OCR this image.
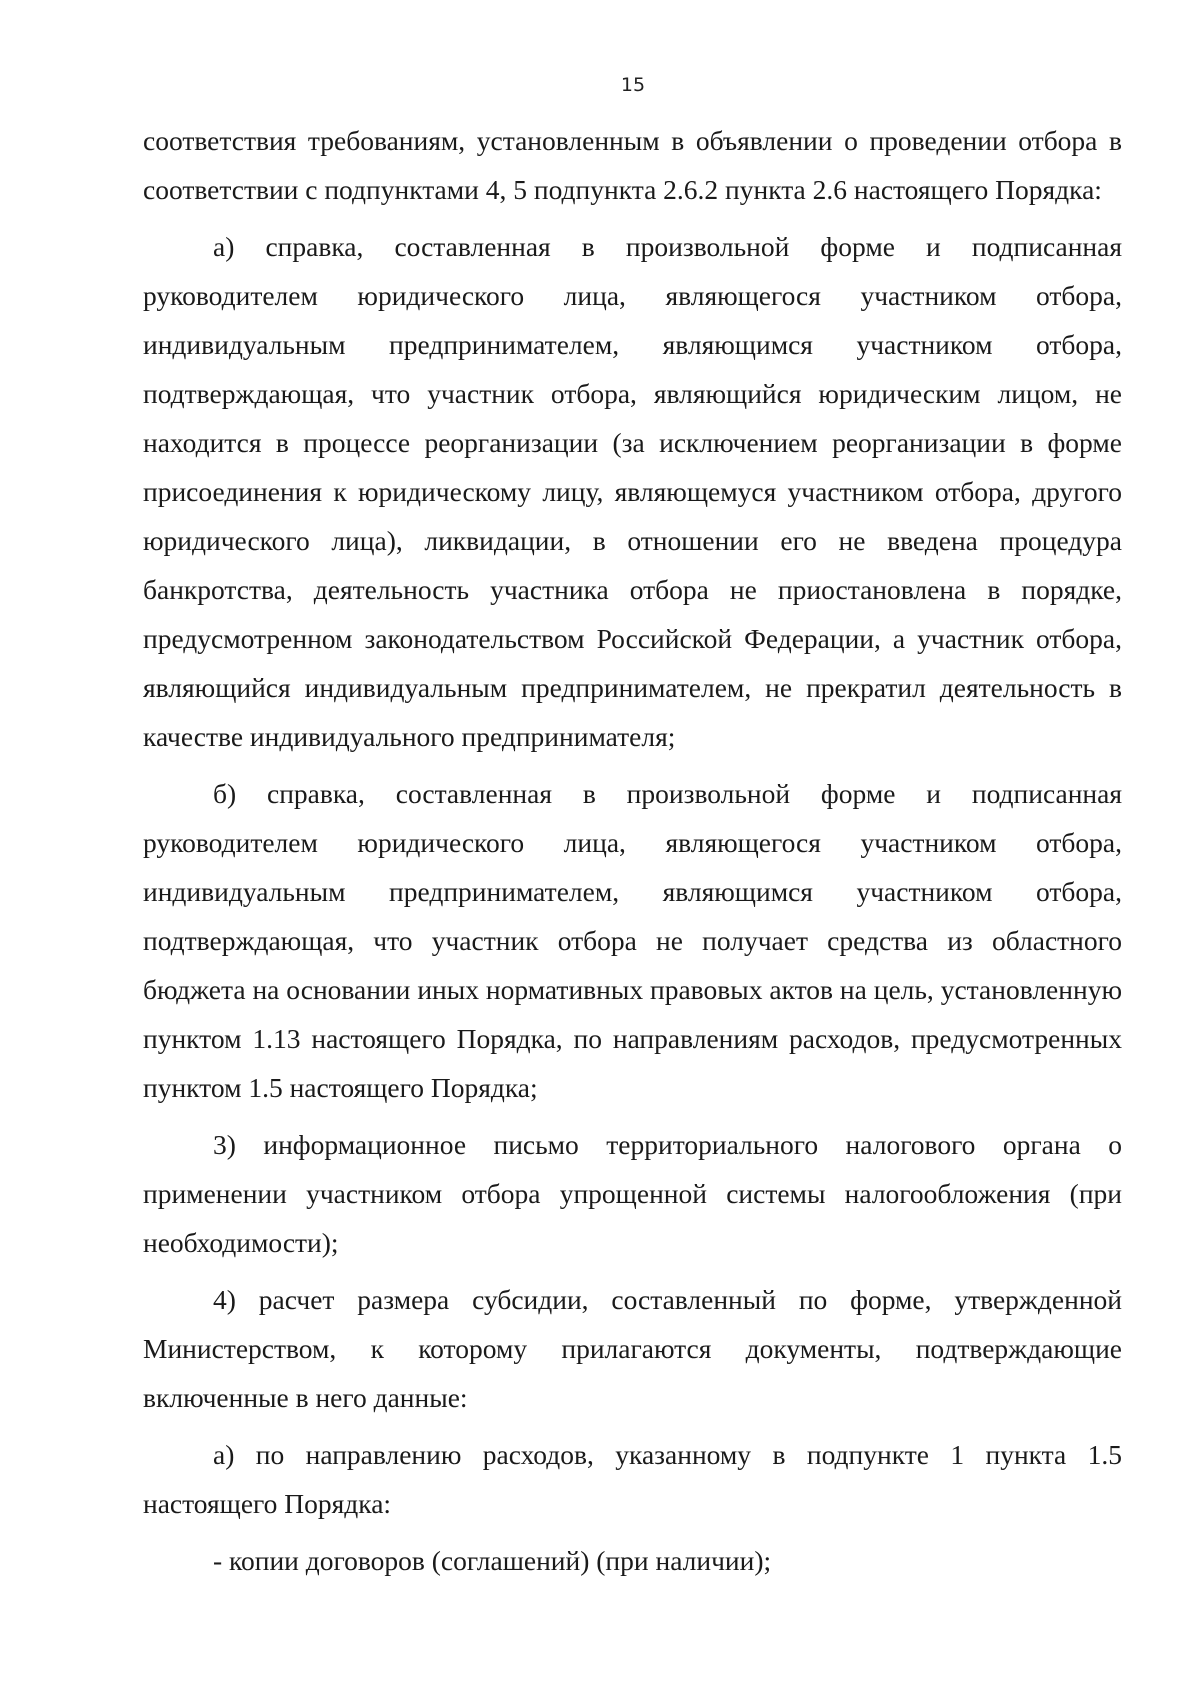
15

соответствия требованиям, установленным в объявлении о проведении отбора в соответствии с подпунктами 4, 5 подпункта 2.6.2 пункта 2.6 настоящего Порядка:

а) справка, составленная в произвольной форме и подписанная руководителем юридического лица, являющегося участником отбора, индивидуальным предпринимателем, являющимся участником отбора, подтверждающая, что участник отбора, являющийся юридическим лицом, не находится в процессе реорганизации (за исключением реорганизации в форме присоединения к юридическому лицу, являющемуся участником отбора, другого юридического лица), ликвидации, в отношении его не введена процедура банкротства, деятельность участника отбора не приостановлена в порядке, предусмотренном законодательством Российской Федерации, а участник отбора, являющийся индивидуальным предпринимателем, не прекратил деятельность в качестве индивидуального предпринимателя;

б) справка, составленная в произвольной форме и подписанная руководителем юридического лица, являющегося участником отбора, индивидуальным предпринимателем, являющимся участником отбора, подтверждающая, что участник отбора не получает средства из областного бюджета на основании иных нормативных правовых актов на цель, установленную пунктом 1.13 настоящего Порядка, по направлениям расходов, предусмотренных пунктом 1.5 настоящего Порядка;

3) информационное письмо территориального налогового органа о применении участником отбора упрощенной системы налогообложения (при необходимости);

4) расчет размера субсидии, составленный по форме, утвержденной Министерством, к которому прилагаются документы, подтверждающие включенные в него данные:

а) по направлению расходов, указанному в подпункте 1 пункта 1.5 настоящего Порядка:

- копии договоров (соглашений) (при наличии);
